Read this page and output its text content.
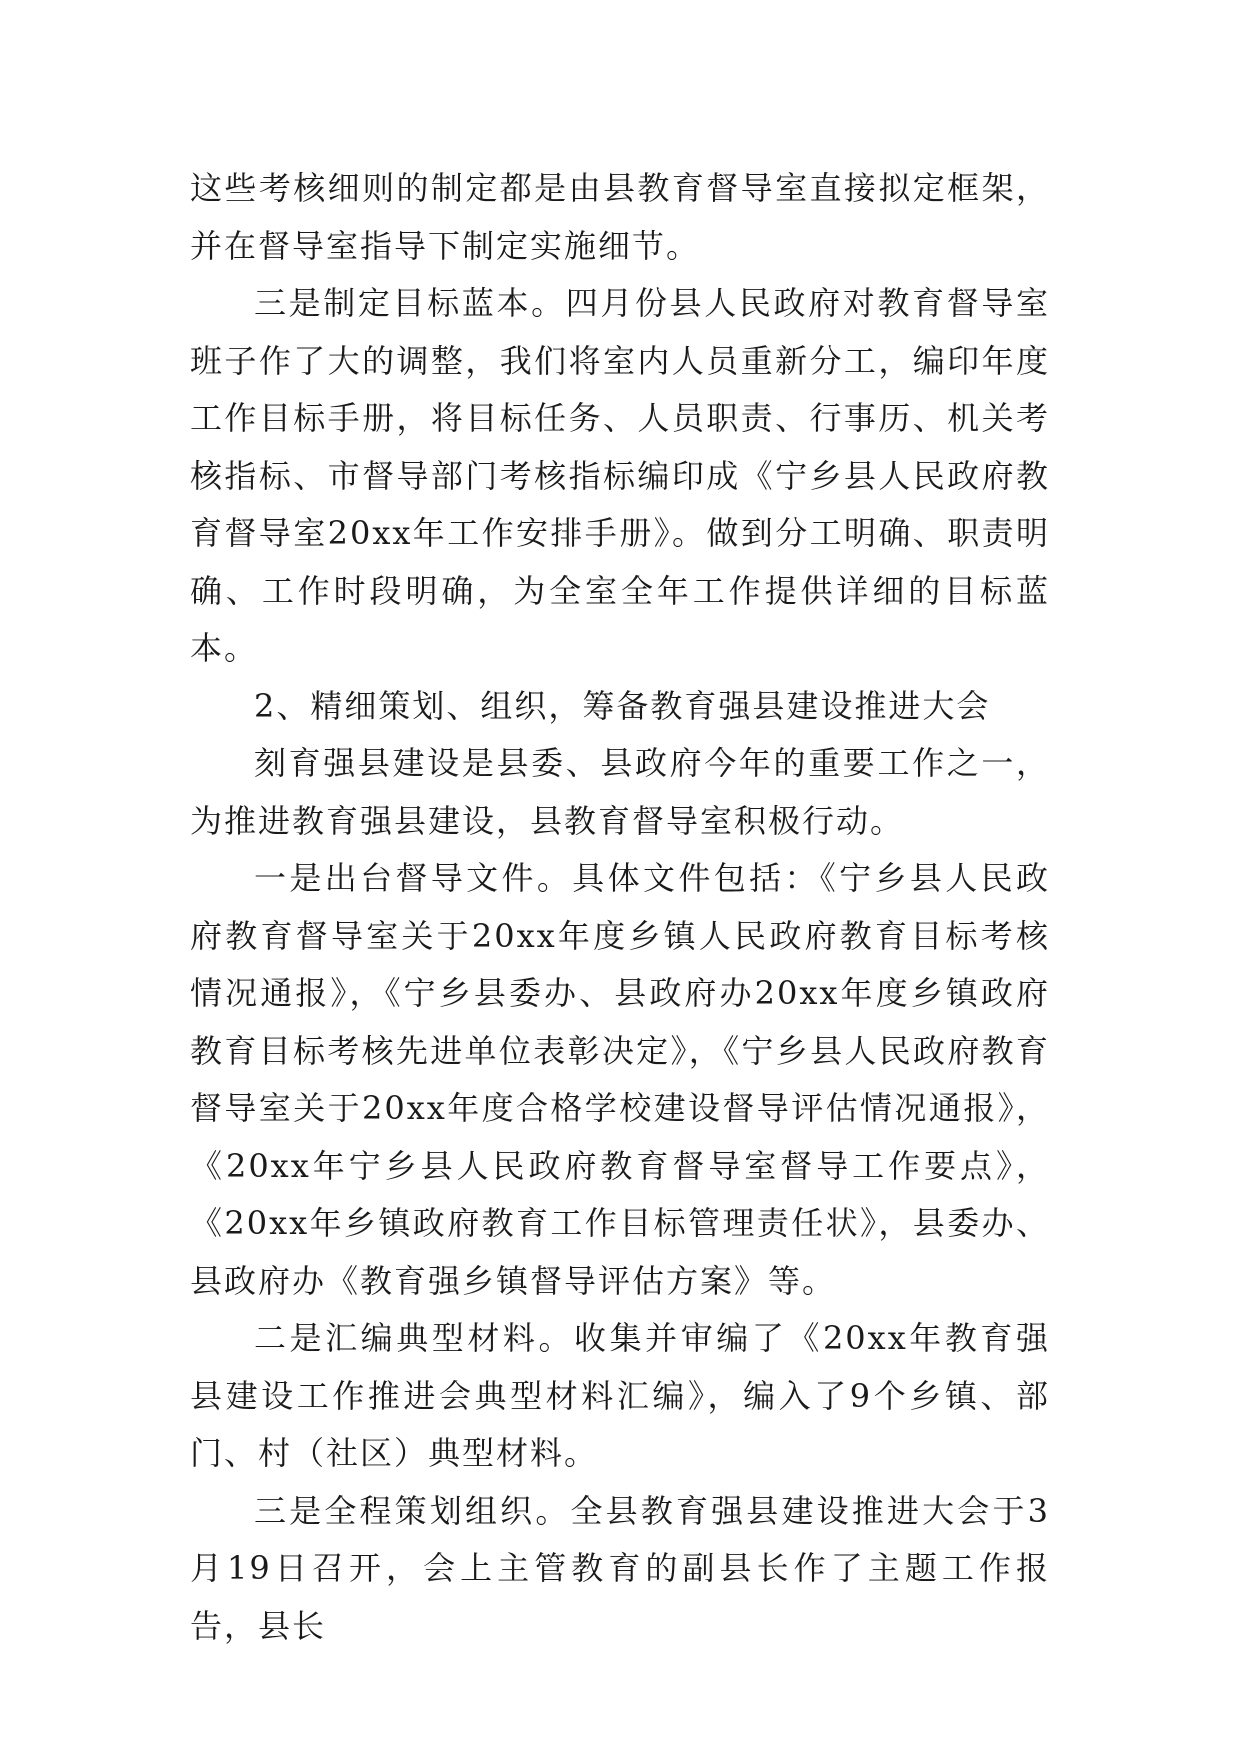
这些考核细则的制定都是由县教育督导室直接拟定框架，并在督导室指导下制定实施细节。

三是制定目标蓝本。四月份县人民政府对教育督导室班子作了大的调整，我们将室内人员重新分工，编印年度工作目标手册，将目标任务、人员职责、行事历、机关考核指标、市督导部门考核指标编印成《宁乡县人民政府教育督导室20xx年工作安排手册》。做到分工明确、职责明确、工作时段明确，为全室全年工作提供详细的目标蓝本。

2、精细策划、组织，筹备教育强县建设推进大会

刻育强县建设是县委、县政府今年的重要工作之一，为推进教育强县建设，县教育督导室积极行动。

一是出台督导文件。具体文件包括：《宁乡县人民政府教育督导室关于20xx年度乡镇人民政府教育目标考核情况通报》，《宁乡县委办、县政府办20xx年度乡镇政府教育目标考核先进单位表彰决定》，《宁乡县人民政府教育督导室关于20xx年度合格学校建设督导评估情况通报》，《20xx年宁乡县人民政府教育督导室督导工作要点》，《20xx年乡镇政府教育工作目标管理责任状》，县委办、县政府办《教育强乡镇督导评估方案》等。

二是汇编典型材料。收集并审编了《20xx年教育强县建设工作推进会典型材料汇编》，编入了9个乡镇、部门、村（社区）典型材料。

三是全程策划组织。全县教育强县建设推进大会于3月19日召开，会上主管教育的副县长作了主题工作报告，县长
